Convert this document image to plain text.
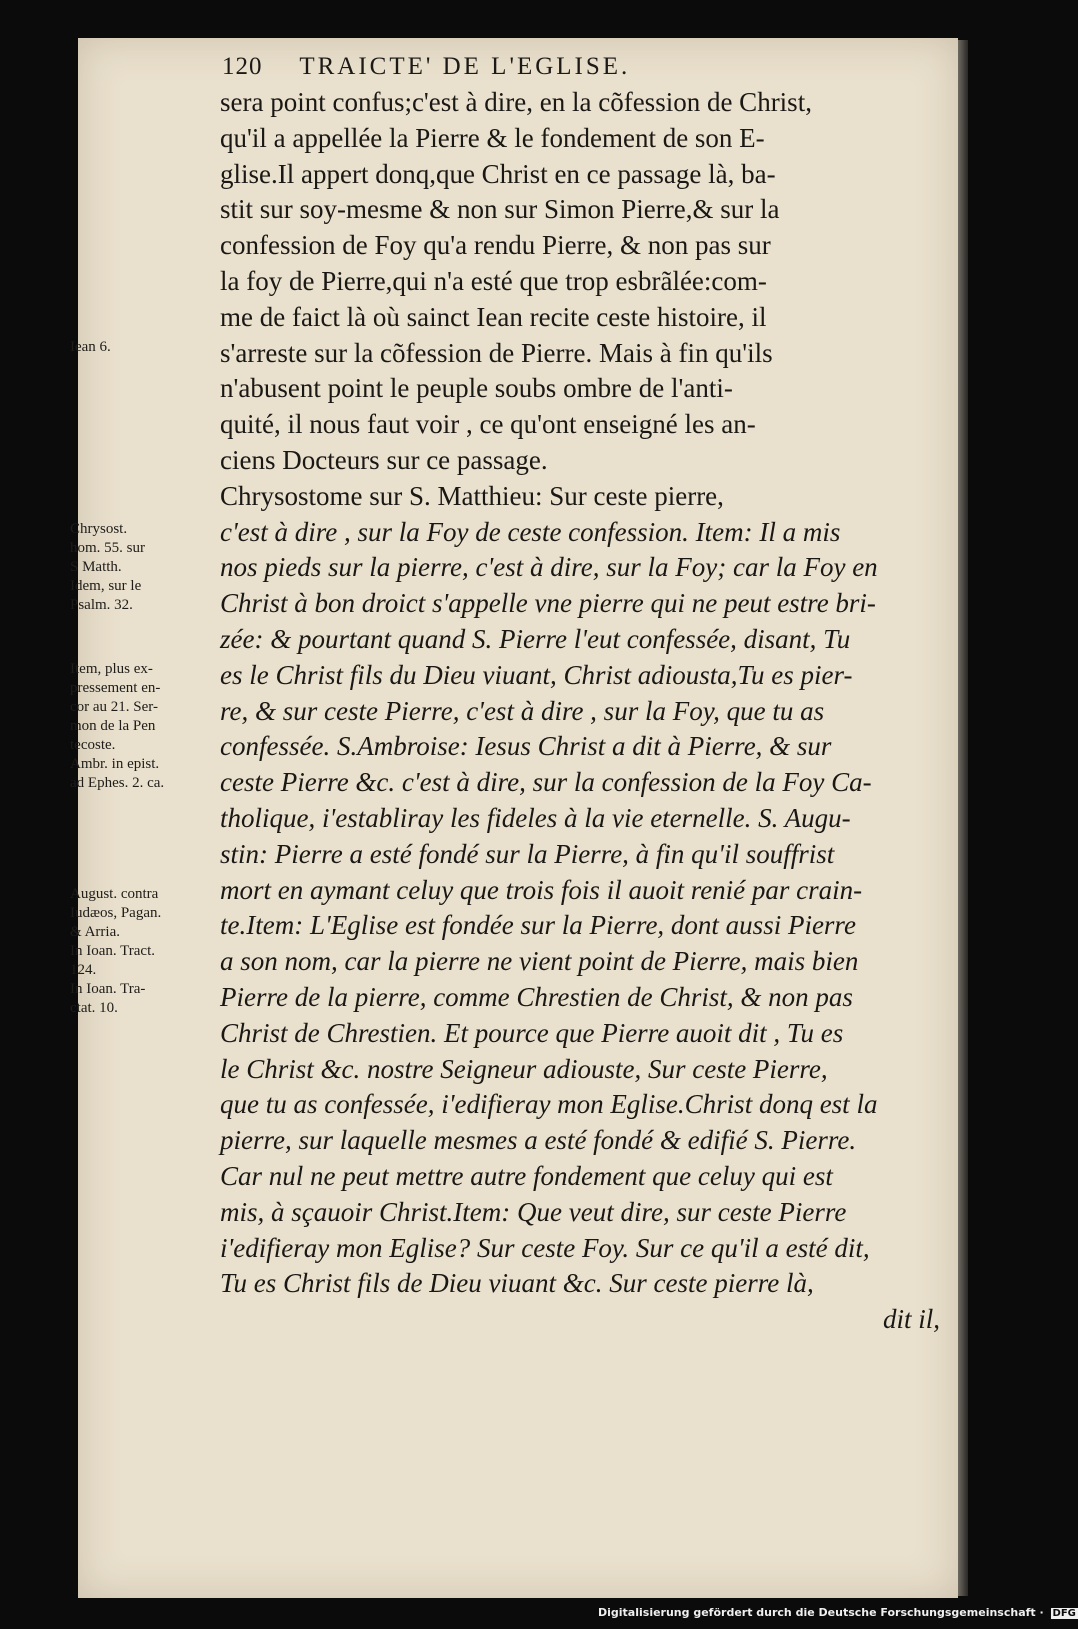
120 TRAICTE' DE L'EGLISE.
sera point confus;c'est à dire, en la cõfession de Christ,
qu'il a appellée la Pierre & le fondement de son E-
glise.Il appert donq,que Christ en ce passage là, ba-
stit sur soy-mesme & non sur Simon Pierre,& sur la
confession de Foy qu'a rendu Pierre, & non pas sur
la foy de Pierre,qui n'a esté que trop esbrãlée:com-
me de faict là où sainct Iean recite ceste histoire, il
s'arreste sur la cõfession de Pierre. Mais à fin qu'ils
n'abusent point le peuple soubs ombre de l'anti-
quité, il nous faut voir , ce qu'ont enseigné les an-
ciens Docteurs sur ce passage.
Chrysostome sur S. Matthieu: Sur ceste pierre,
c'est à dire , sur la Foy de ceste confession. Item: Il a mis
nos pieds sur la pierre, c'est à dire, sur la Foy; car la Foy en
Christ à bon droict s'appelle vne pierre qui ne peut estre bri-
zée: & pourtant quand S. Pierre l'eut confessée, disant, Tu
es le Christ fils du Dieu viuant, Christ adiousta,Tu es pier-
re, & sur ceste Pierre, c'est à dire , sur la Foy, que tu as
confessée. S.Ambroise: Iesus Christ a dit à Pierre, & sur
ceste Pierre &c. c'est à dire, sur la confession de la Foy Ca-
tholique, i'establiray les fideles à la vie eternelle. S. Augu-
stin: Pierre a esté fondé sur la Pierre, à fin qu'il souffrist
mort en aymant celuy que trois fois il auoit renié par crain-
te.Item: L'Eglise est fondée sur la Pierre, dont aussi Pierre
a son nom, car la pierre ne vient point de Pierre, mais bien
Pierre de la pierre, comme Chrestien de Christ, & non pas
Christ de Chrestien. Et pource que Pierre auoit dit , Tu es
le Christ &c. nostre Seigneur adiouste, Sur ceste Pierre,
que tu as confessée, i'edifieray mon Eglise.Christ donq est la
pierre, sur laquelle mesmes a esté fondé & edifié S. Pierre.
Car nul ne peut mettre autre fondement que celuy qui est
mis, à sçauoir Christ.Item: Que veut dire, sur ceste Pierre
i'edifieray mon Eglise? Sur ceste Foy. Sur ce qu'il a esté dit,
Tu es Christ fils de Dieu viuant &c. Sur ceste pierre là,
dit il,
Iean 6.
Chrysost.
hom. 55. sur
S Matth.
Idem, sur le
Psalm. 32.
Item, plus ex-
pressement en-
cor au 21. Ser-
mon de la Pen
tecoste.
Ambr. in epist.
ad Ephes. 2. ca.
August. contra
Iudæos, Pagan.
& Arria.
In Ioan. Tract.
124.
In Ioan. Tra-
ctat. 10.
Digitalisierung gefördert durch die Deutsche Forschungsgemeinschaft · DFG
